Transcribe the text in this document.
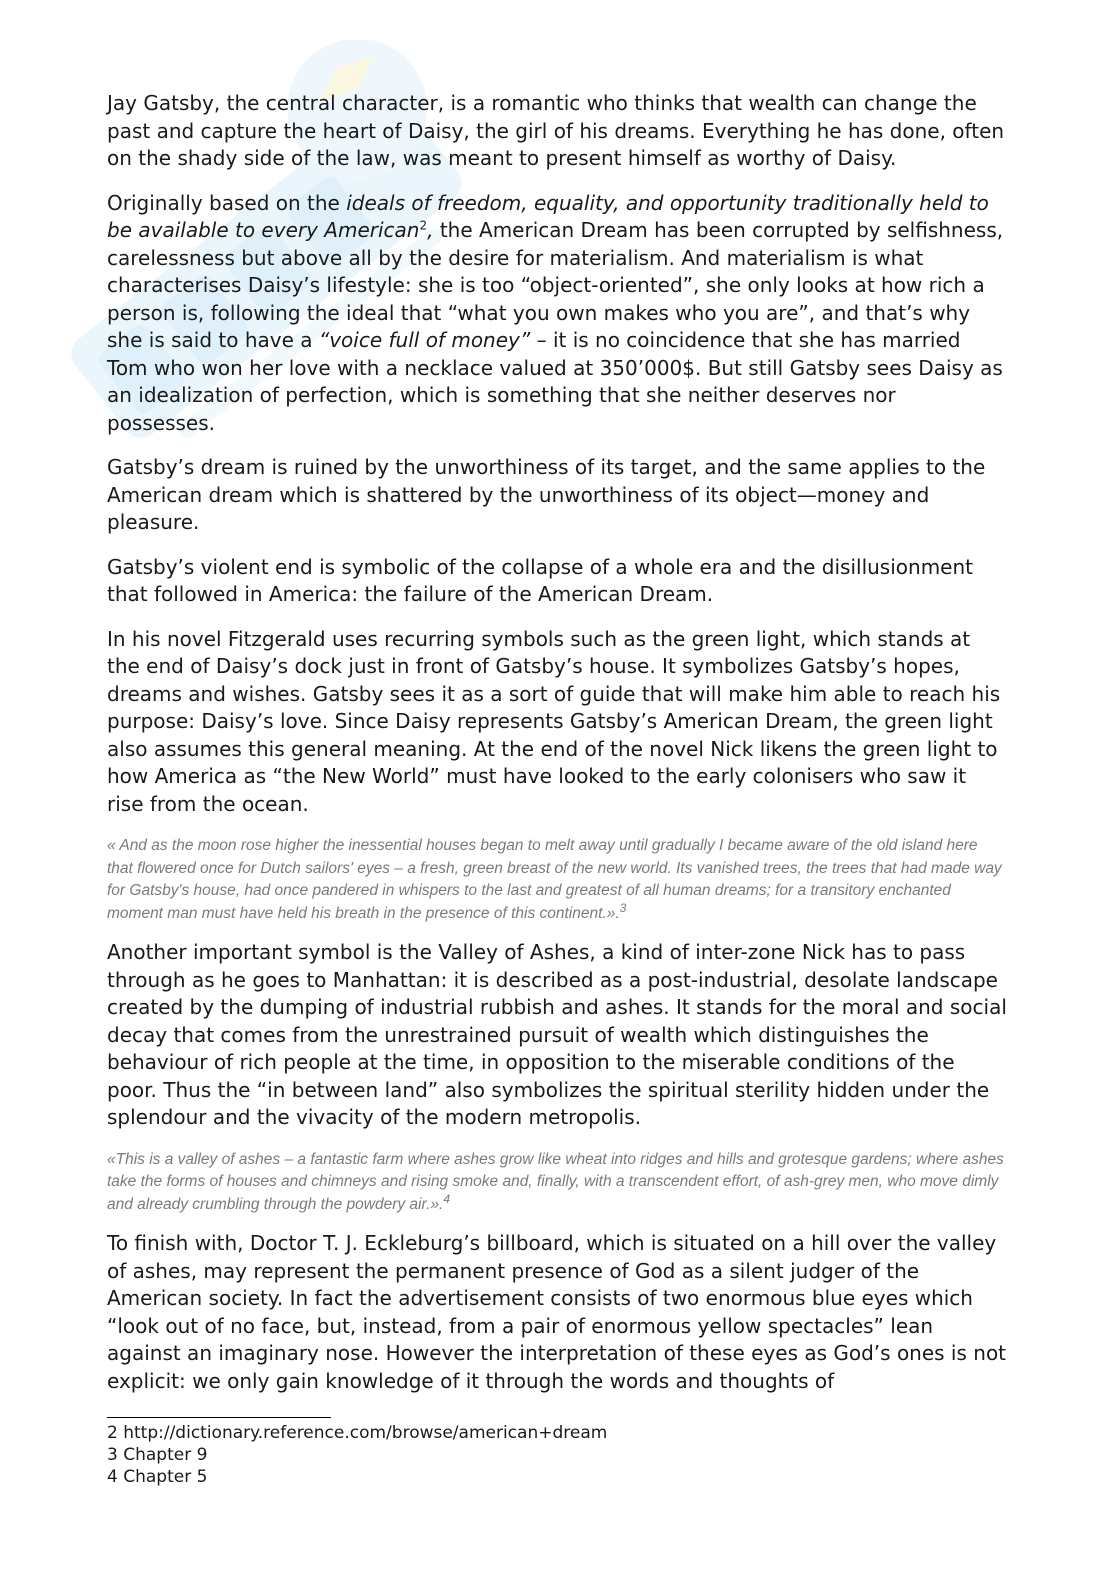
Jay Gatsby, the central character, is a romantic who thinks that wealth can change the past and capture the heart of Daisy, the girl of his dreams. Everything he has done, often on the shady side of the law, was meant to present himself as worthy of Daisy.

Originally based on the ideals of freedom, equality, and opportunity traditionally held to be available to every American$^2$, the American Dream has been corrupted by selfishness, carelessness but above all by the desire for materialism. And materialism is what characterises Daisy’s lifestyle: she is too “object-oriented”, she only looks at how rich a person is, following the ideal that “what you own makes who you are”, and that’s why she is said to have a “voice full of money” – it is no coincidence that she has married Tom who won her love with a necklace valued at 350’000$. But still Gatsby sees Daisy as an idealization of perfection, which is something that she neither deserves nor possesses.

Gatsby’s dream is ruined by the unworthiness of its target, and the same applies to the American dream which is shattered by the unworthiness of its object—money and pleasure.

Gatsby’s violent end is symbolic of the collapse of a whole era and the disillusionment that followed in America: the failure of the American Dream.

In his novel Fitzgerald uses recurring symbols such as the green light, which stands at the end of Daisy’s dock just in front of Gatsby’s house. It symbolizes Gatsby’s hopes, dreams and wishes. Gatsby sees it as a sort of guide that will make him able to reach his purpose: Daisy’s love. Since Daisy represents Gatsby’s American Dream, the green light also assumes this general meaning. At the end of the novel Nick likens the green light to how America as “the New World” must have looked to the early colonisers who saw it rise from the ocean.

« And as the moon rose higher the inessential houses began to melt away until gradually I became aware of the old island here that flowered once for Dutch sailors' eyes – a fresh, green breast of the new world. Its vanished trees, the trees that had made way for Gatsby's house, had once pandered in whispers to the last and greatest of all human dreams; for a transitory enchanted moment man must have held his breath in the presence of this continent.».$^3$

Another important symbol is the Valley of Ashes, a kind of inter-zone Nick has to pass through as he goes to Manhattan: it is described as a post-industrial, desolate landscape created by the dumping of industrial rubbish and ashes. It stands for the moral and social decay that comes from the unrestrained pursuit of wealth which distinguishes the behaviour of rich people at the time, in opposition to the miserable conditions of the poor. Thus the “in between land” also symbolizes the spiritual sterility hidden under the splendour and the vivacity of the modern metropolis.

«This is a valley of ashes – a fantastic farm where ashes grow like wheat into ridges and hills and grotesque gardens; where ashes take the forms of houses and chimneys and rising smoke and, finally, with a transcendent effort, of ash-grey men, who move dimly and already crumbling through the powdery air.».$^4$

To finish with, Doctor T. J. Eckleburg’s billboard, which is situated on a hill over the valley of ashes, may represent the permanent presence of God as a silent judger of the American society. In fact the advertisement consists of two enormous blue eyes which “look out of no face, but, instead, from a pair of enormous yellow spectacles” lean against an imaginary nose. However the interpretation of these eyes as God’s ones is not explicit: we only gain knowledge of it through the words and thoughts of

2 http://dictionary.reference.com/browse/american+dream
3 Chapter 9
4 Chapter 5
